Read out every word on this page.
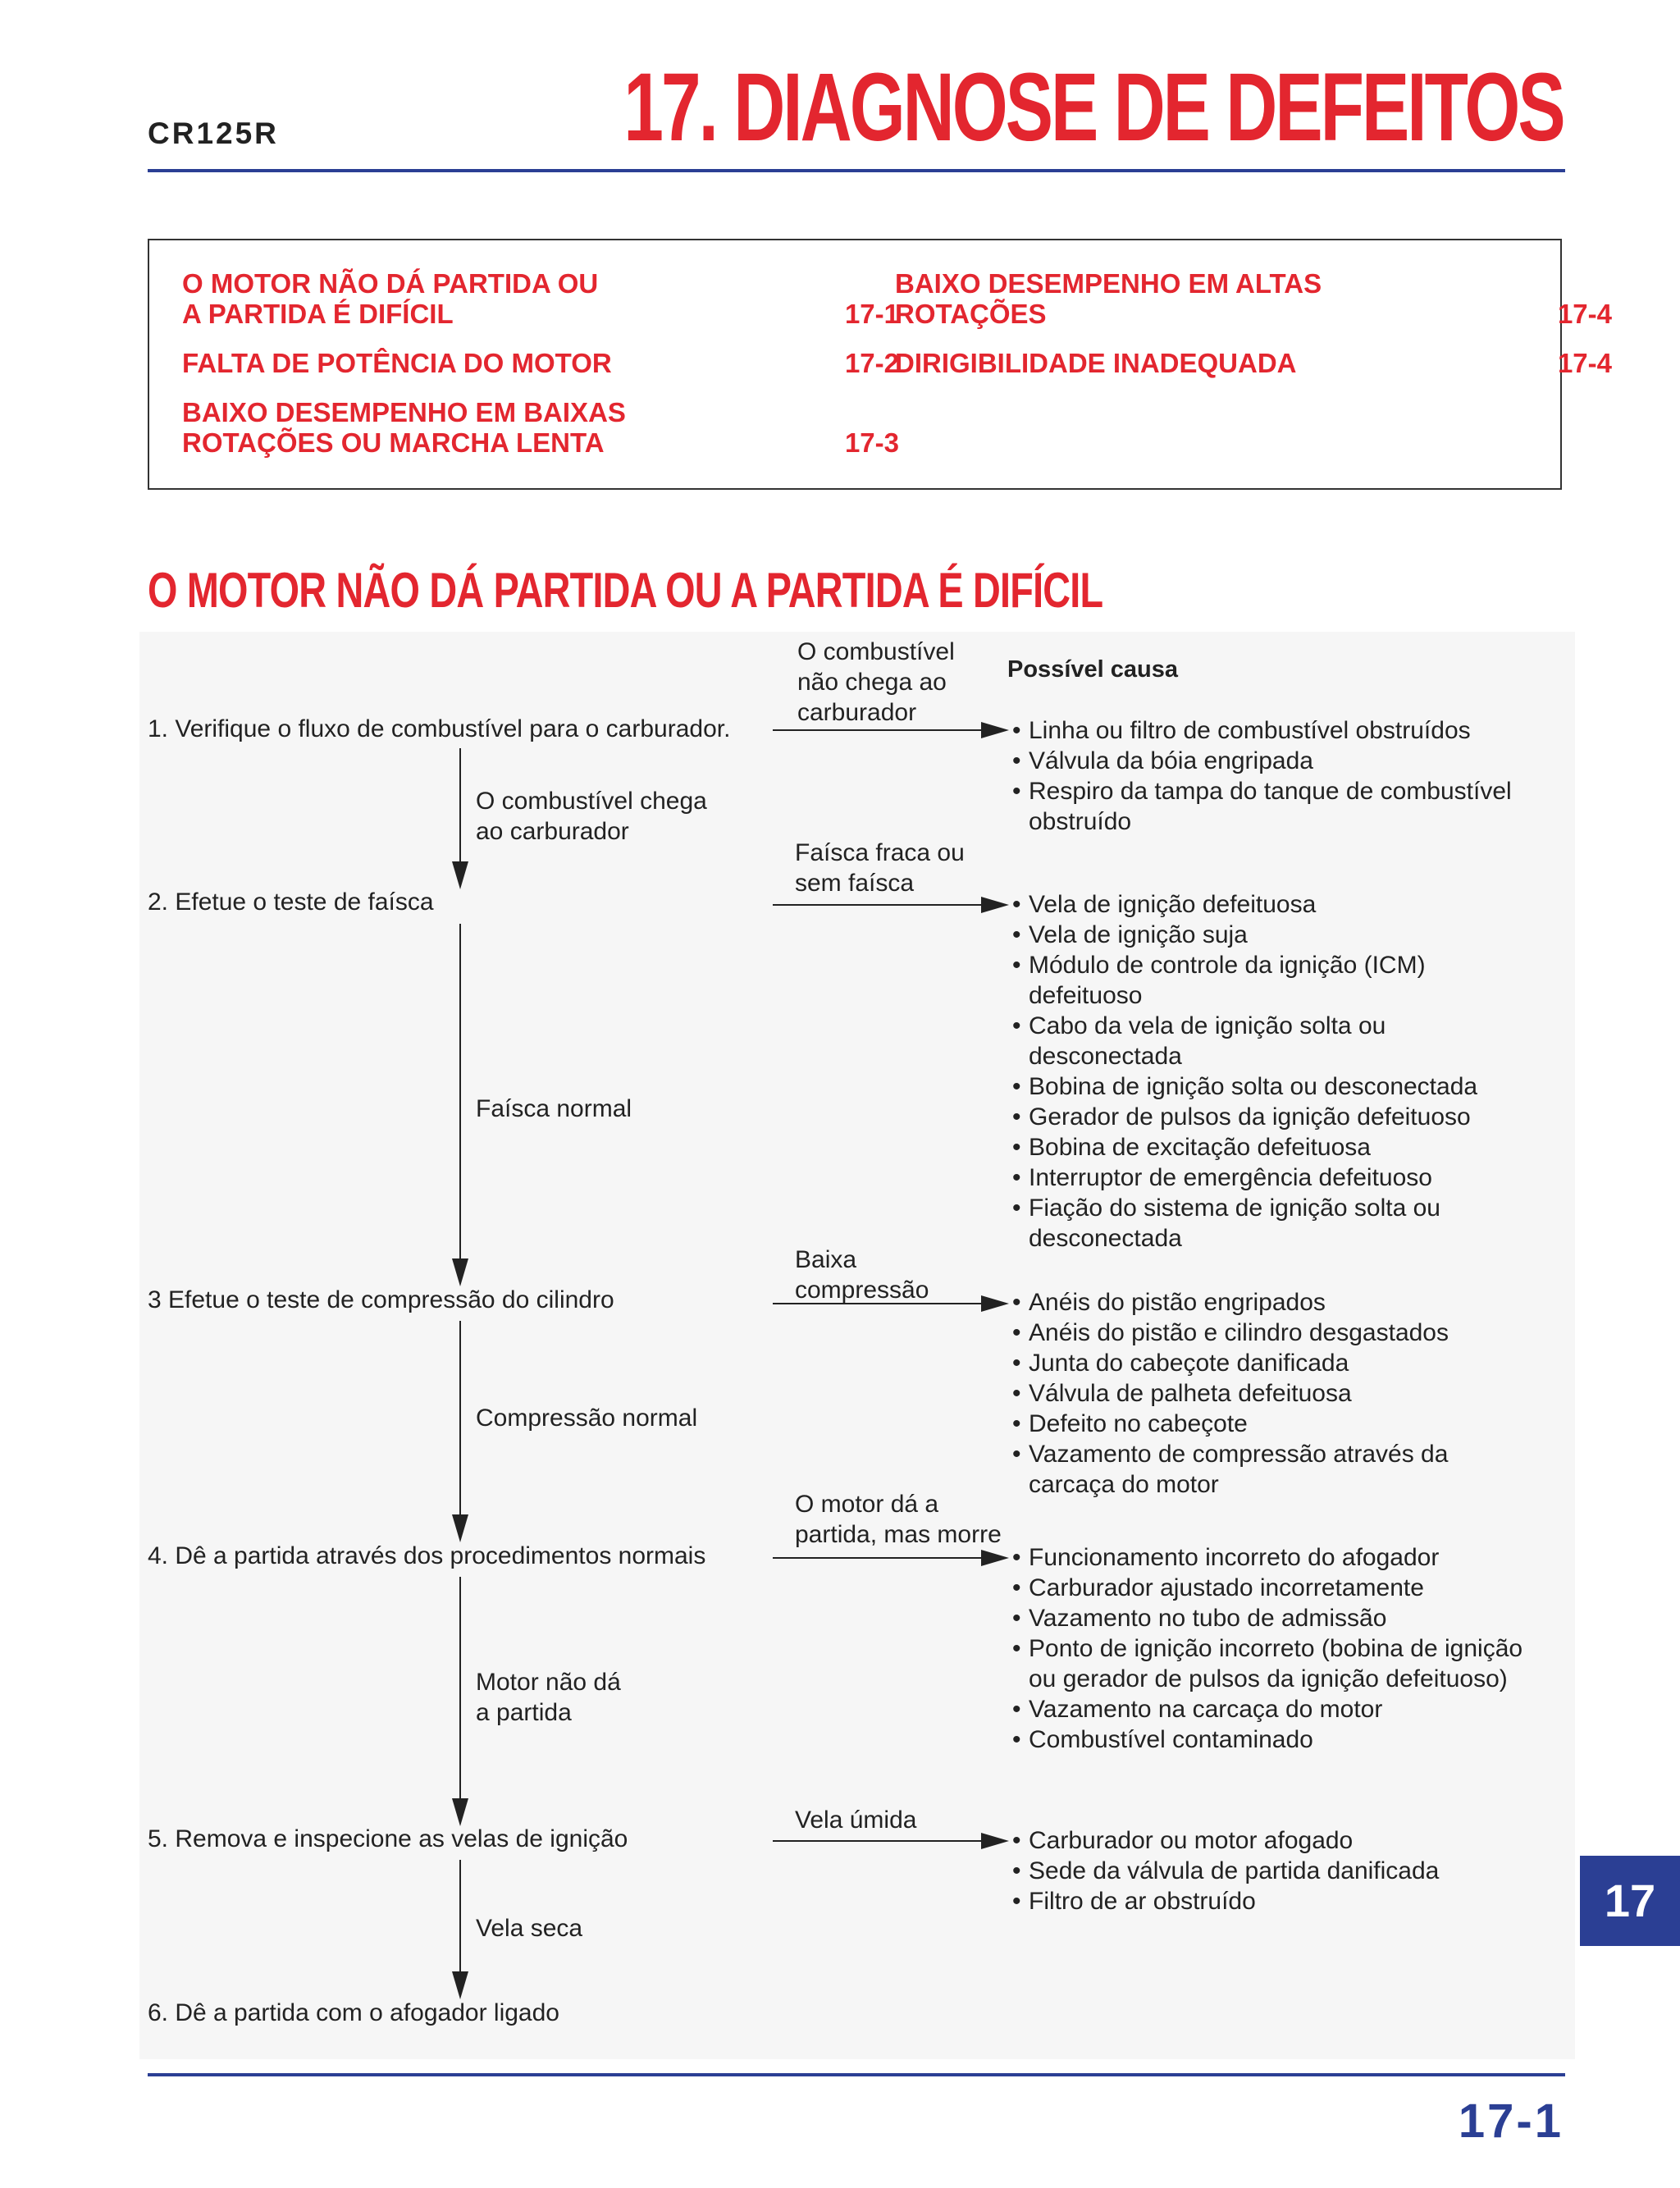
CR125R	17. DIAGNOSE DE DEFEITOS
O MOTOR NÃO DÁ PARTIDA OU
A PARTIDA É DIFÍCIL	17-1
FALTA DE POTÊNCIA DO MOTOR	17-2
BAIXO DESEMPENHO EM BAIXAS
ROTAÇÕES OU MARCHA LENTA	17-3
BAIXO DESEMPENHO EM ALTAS
ROTAÇÕES	17-4
DIRIGIBILIDADE INADEQUADA	17-4
O MOTOR NÃO DÁ PARTIDA OU A PARTIDA É DIFÍCIL
Possível causa
1. Verifique o fluxo de combustível para o carburador.
2. Efetue o teste de faísca
3 Efetue o teste de compressão do cilindro
4. Dê a partida através dos procedimentos normais
5. Remova e inspecione as velas de ignição
6. Dê a partida com o afogador ligado
O combustível chega
ao carburador
Faísca normal
Compressão normal
Motor não dá
a partida
Vela seca
O combustível
não chega ao
carburador
Faísca fraca ou
sem faísca
Baixa
compressão
O motor dá a
partida, mas morre
Vela úmida
• Linha ou filtro de combustível obstruídos
• Válvula da bóia engripada
• Respiro da tampa do tanque de combustível
obstruído
• Vela de ignição defeituosa
• Vela de ignição suja
• Módulo de controle da ignição (ICM)
defeituoso
• Cabo da vela de ignição solta ou
desconectada
• Bobina de ignição solta ou desconectada
• Gerador de pulsos da ignição defeituoso
• Bobina de excitação defeituosa
• Interruptor de emergência defeituoso
• Fiação do sistema de ignição solta ou
desconectada
• Anéis do pistão engripados
• Anéis do pistão e cilindro desgastados
• Junta do cabeçote danificada
• Válvula de palheta defeituosa
• Defeito no cabeçote
• Vazamento de compressão através da
carcaça do motor
• Funcionamento incorreto do afogador
• Carburador ajustado incorretamente
• Vazamento no tubo de admissão
• Ponto de ignição incorreto (bobina de ignição
ou gerador de pulsos da ignição defeituoso)
• Vazamento na carcaça do motor
• Combustível contaminado
• Carburador ou motor afogado
• Sede da válvula de partida danificada
• Filtro de ar obstruído	17
17-1
